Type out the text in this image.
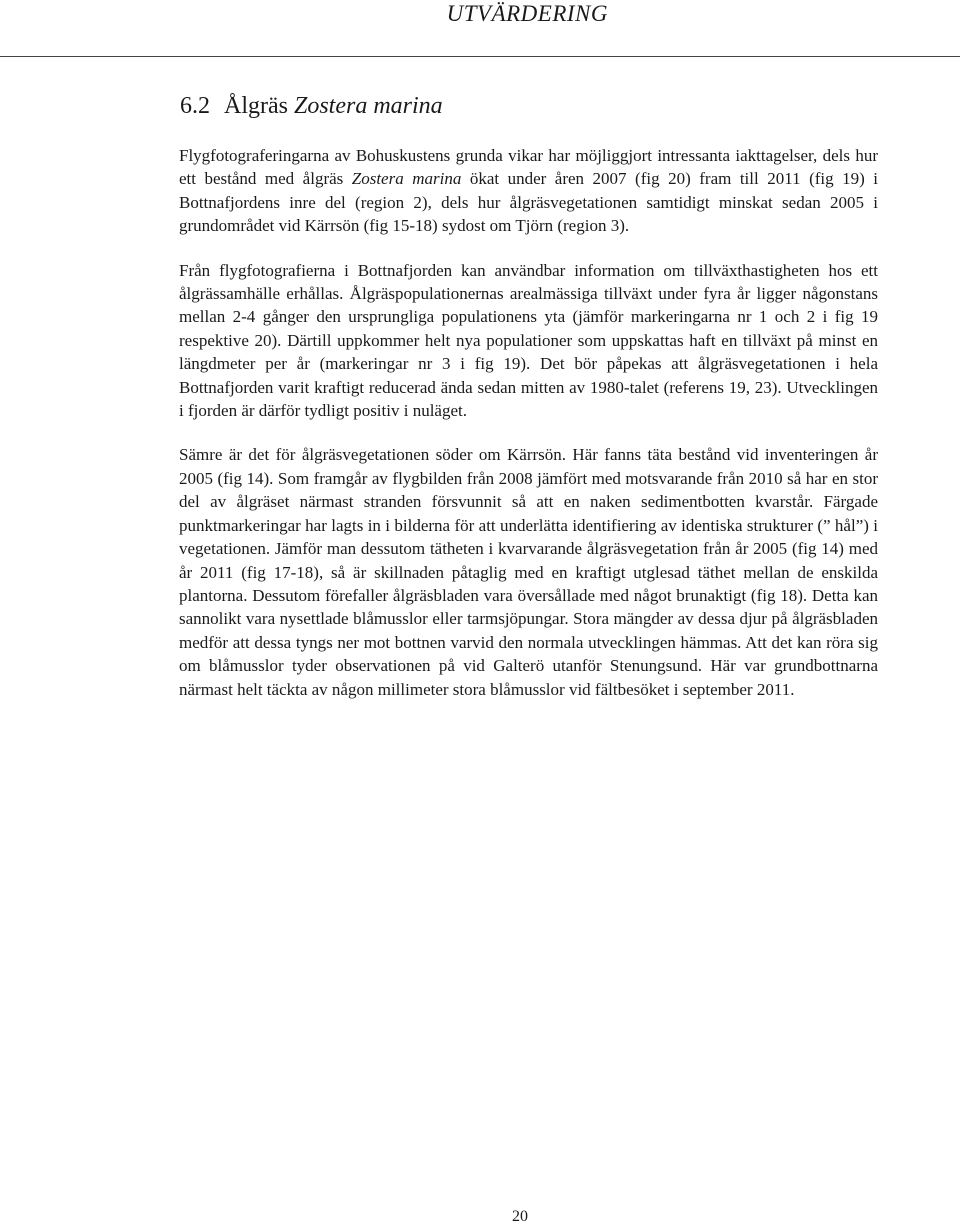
UTVÄRDERING
6.2 Ålgräs Zostera marina

Flygfotograferingarna av Bohuskustens grunda vikar har möjliggjort intressanta iakttagelser, dels hur ett bestånd med ålgräs Zostera marina ökat under åren 2007 (fig 20) fram till 2011 (fig 19) i Bottnafjordens inre del (region 2), dels hur ålgräsvegetationen samtidigt minskat sedan 2005 i grundområdet vid Kärrsön (fig 15-18) sydost om Tjörn (region 3).

Från flygfotografierna i Bottnafjorden kan användbar information om tillväxthastigheten hos ett ålgrässamhälle erhållas. Ålgräspopulationernas arealmässiga tillväxt under fyra år ligger någonstans mellan 2-4 gånger den ursprungliga populationens yta (jämför markeringarna nr 1 och 2 i fig 19 respektive 20). Därtill uppkommer helt nya populationer som uppskattas haft en tillväxt på minst en längdmeter per år (markeringar nr 3 i fig 19). Det bör påpekas att ålgräsvegetationen i hela Bottnafjorden varit kraftigt reducerad ända sedan mitten av 1980-talet (referens 19, 23). Utvecklingen i fjorden är därför tydligt positiv i nuläget.

Sämre är det för ålgräsvegetationen söder om Kärrsön. Här fanns täta bestånd vid inventeringen år 2005 (fig 14). Som framgår av flygbilden från 2008 jämfört med motsvarande från 2010 så har en stor del av ålgräset närmast stranden försvunnit så att en naken sedimentbotten kvarstår. Färgade punktmarkeringar har lagts in i bilderna för att underlätta identifiering av identiska strukturer (” hål”) i vegetationen. Jämför man dessutom tätheten i kvarvarande ålgräsvegetation från år 2005 (fig 14) med år 2011 (fig 17-18), så är skillnaden påtaglig med en kraftigt utglesad täthet mellan de enskilda plantorna. Dessutom förefaller ålgräsbladen vara översållade med något brunaktigt (fig 18). Detta kan sannolikt vara nysettlade blåmusslor eller tarmsjöpungar. Stora mängder av dessa djur på ålgräsbladen medför att dessa tyngs ner mot bottnen varvid den normala utvecklingen hämmas. Att det kan röra sig om blåmusslor tyder observationen på vid Galterö utanför Stenungsund. Här var grundbottnarna närmast helt täckta av någon millimeter stora blåmusslor vid fältbesöket i september 2011.

20
